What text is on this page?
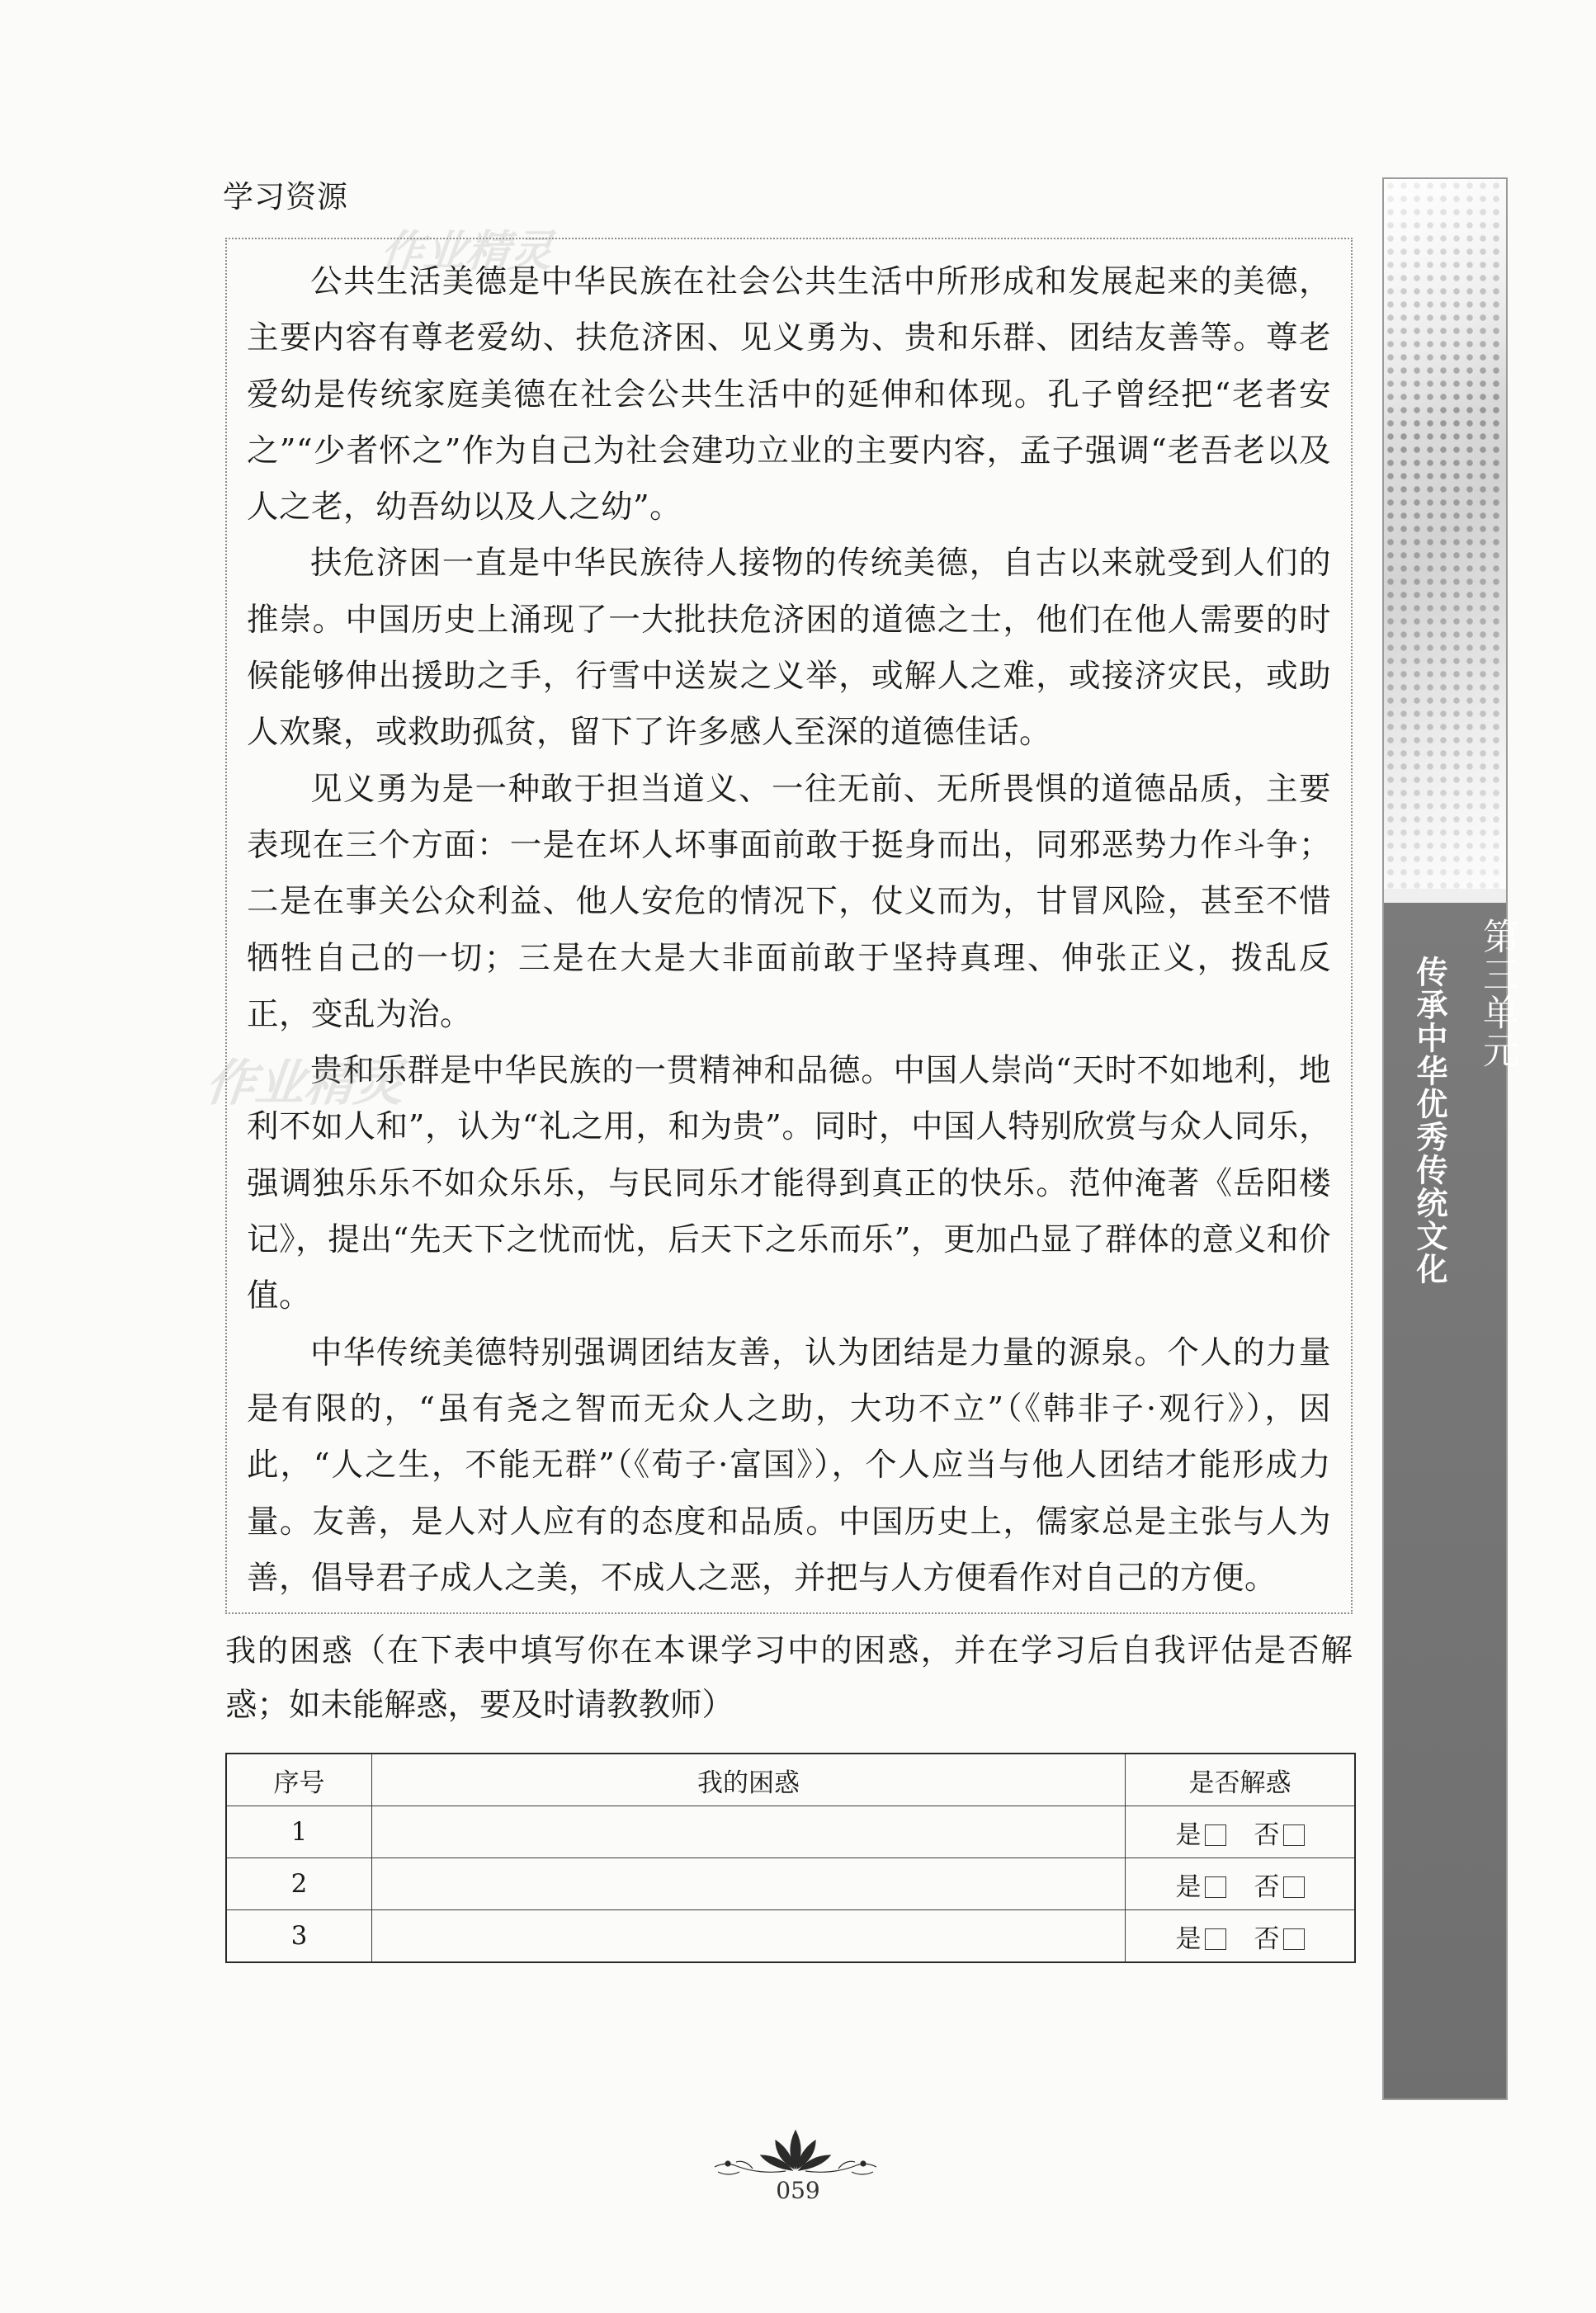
学习资源
作业精灵

公共生活美德是中华民族在社会公共生活中所形成和发展起来的美德，主要内容有尊老爱幼、扶危济困、见义勇为、贵和乐群、团结友善等。尊老爱幼是传统家庭美德在社会公共生活中的延伸和体现。孔子曾经把“老者安之”“少者怀之”作为自己为社会建功立业的主要内容，孟子强调“老吾老以及人之老，幼吾幼以及人之幼”。

扶危济困一直是中华民族待人接物的传统美德，自古以来就受到人们的推崇。中国历史上涌现了一大批扶危济困的道德之士，他们在他人需要的时候能够伸出援助之手，行雪中送炭之义举，或解人之难，或接济灾民，或助人欢聚，或救助孤贫，留下了许多感人至深的道德佳话。

见义勇为是一种敢于担当道义、一往无前、无所畏惧的道德品质，主要表现在三个方面：一是在坏人坏事面前敢于挺身而出，同邪恶势力作斗争；二是在事关公众利益、他人安危的情况下，仗义而为，甘冒风险，甚至不惜牺牲自己的一切；三是在大是大非面前敢于坚持真理、伸张正义，拨乱反正，变乱为治。

贵和乐群是中华民族的一贯精神和品德。中国人崇尚“天时不如地利，地利不如人和”，认为“礼之用，和为贵”。同时，中国人特别欣赏与众人同乐，强调独乐乐不如众乐乐，与民同乐才能得到真正的快乐。范仲淹著《岳阳楼记》，提出“先天下之忧而忧，后天下之乐而乐”，更加凸显了群体的意义和价值。

中华传统美德特别强调团结友善，认为团结是力量的源泉。个人的力量是有限的，“虽有尧之智而无众人之助，大功不立”（《韩非子·观行》），因此，“人之生，不能无群”（《荀子·富国》），个人应当与他人团结才能形成力量。友善，是人对人应有的态度和品质。中国历史上，儒家总是主张与人为善，倡导君子成人之美，不成人之恶，并把与人方便看作对自己的方便。

作业精灵

我的困惑（在下表中填写你在本课学习中的困惑，并在学习后自我评估是否解惑；如未能解惑，要及时请教教师）

序号	我的困惑	是否解惑
1		是 否
2		是 否
3		是 否

第三单元

传承中华优秀传统文化

059
